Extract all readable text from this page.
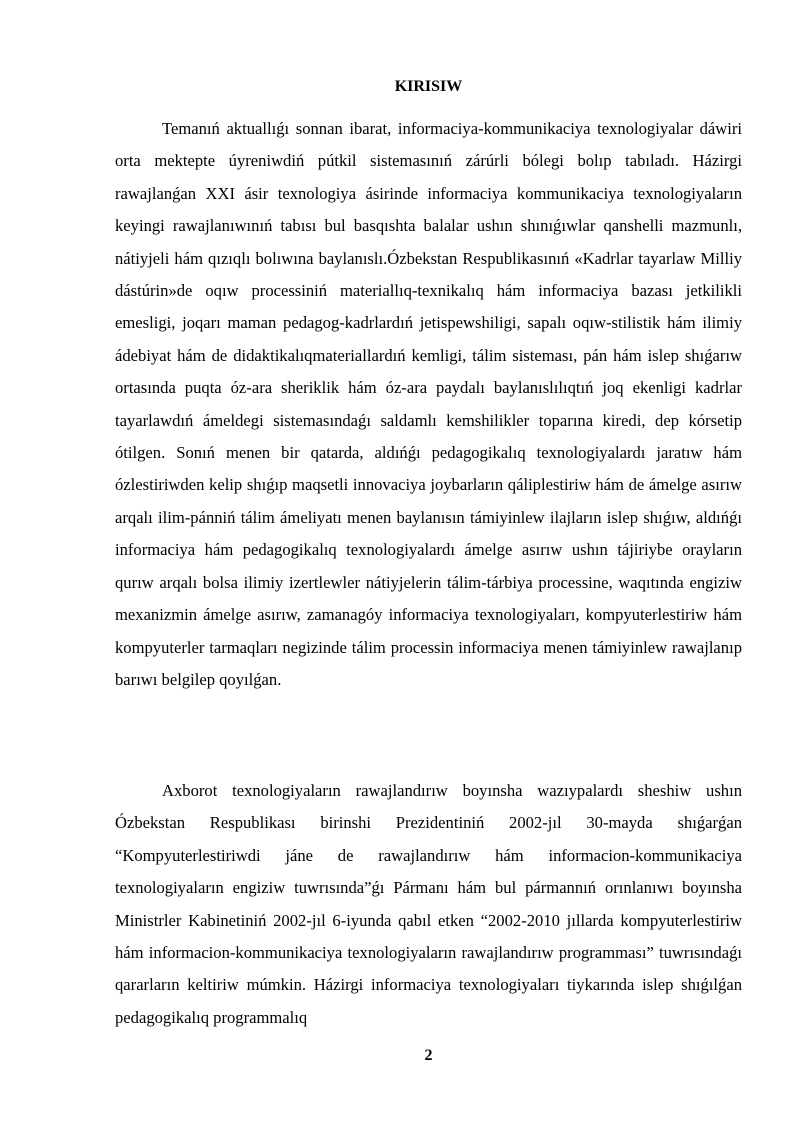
KIRISIW

Temanıń aktuallıǵı sonnan ibarat, informaciya-kommunikaciya texnologiyalar dáwiri orta mektepte úyreniwdiń pútkil sistemasınıń zárúrli bólegi bolıp tabıladı. Házirgi rawajlanǵan XXI ásir texnologiya ásirinde informaciya kommunikaciya texnologiyaların keyingi rawajlanıwınıń tabısı bul basqıshta balalar ushın shınıǵıwlar qanshelli mazmunlı, nátiyjeli hám qızıqlı bolıwına baylanıslı.Ózbekstan Respublikasınıń «Kadrlar tayarlaw Milliy dástúrin»de oqıw processiniń materiallıq-texnikalıq hám informaciya bazası jetkilikli emesligi, joqarı maman pedagog-kadrlardıń jetispewshiligi, sapalı oqıw-stilistik hám ilimiy ádebiyat hám de didaktikalıqmateriallardıń kemligi, tálim sisteması, pán hám islep shıǵarıw ortasında puqta óz-ara sheriklik hám óz-ara paydalı baylanıslılıqtıń joq ekenligi kadrlar tayarlawdıń ámeldegi sistemasındaǵı saldamlı kemshilikler toparına kiredi, dep kórsetip ótilgen. Sonıń menen bir qatarda, aldıńǵı pedagogikalıq texnologiyalardı jaratıw hám ózlestiriwden kelip shıǵıp maqsetli innovaciya joybarların qáliplestiriw hám de ámelge asırıw arqalı ilim-pánniń tálim ámeliyatı menen baylanısın támiyinlew ilajların islep shıǵıw, aldıńǵı informaciya hám pedagogikalıq texnologiyalardı ámelge asırıw ushın tájiriybe orayların qurıw arqalı bolsa ilimiy izertlewler nátiyjelerin tálim-tárbiya processine, waqıtında engiziw mexanizmin ámelge asırıw, zamanagóy informaciya texnologiyaları, kompyuterlestiriw hám kompyuterler tarmaqları negizinde tálim processin informaciya menen támiyinlew rawajlanıp barıwı belgilep qoyılǵan.

Axborot texnologiyaların rawajlandırıw boyınsha wazıypalardı sheshiw ushın Ózbekstan Respublikası birinshi Prezidentiniń 2002-jıl 30-mayda shıǵarǵan “Kompyuterlestiriwdi jáne de rawajlandırıw hám informacion-kommunikaciya texnologiyaların engiziw tuwrısında”ǵı Pármanı hám bul pármannıń orınlanıwı boyınsha Ministrler Kabinetiniń 2002-jıl 6-iyunda qabıl etken “2002-2010 jıllarda kompyuterlestiriw hám informacion-kommunikaciya texnologiyaların rawajlandırıw programması” tuwrısındaǵı qararların keltiriw múmkin. Házirgi informaciya texnologiyaları tiykarında islep shıǵılǵan pedagogikalıq programmalıq

2
